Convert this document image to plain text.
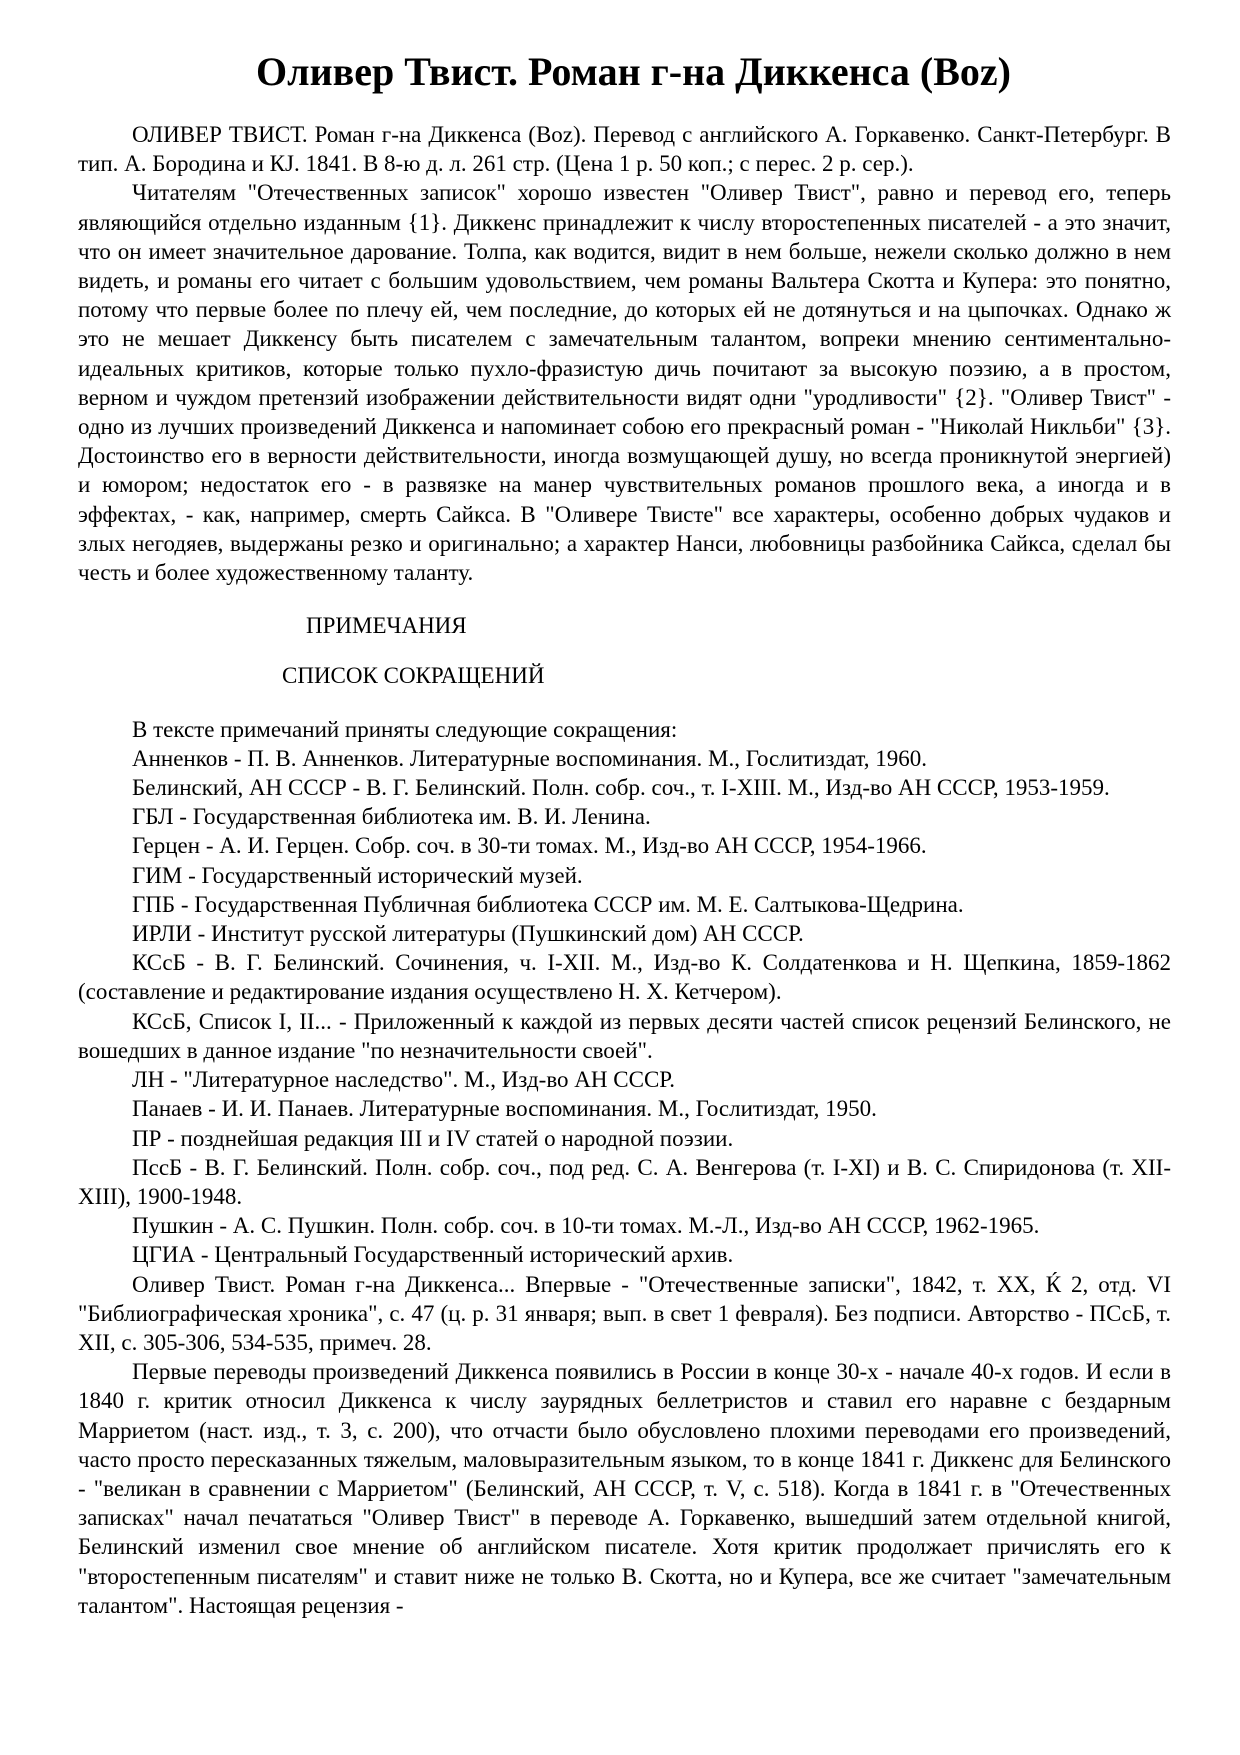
Оливер Твист. Роман г-на Диккенса (Boz)

ОЛИВЕР ТВИСТ. Роман г-на Диккенса (Boz). Перевод с английского А. Горкавенко. Санкт-Петербург. В тип. А. Бородина и КЈ. 1841. В 8-ю д. л. 261 стр. (Цена 1 р. 50 коп.; с перес. 2 р. сер.).

Читателям "Отечественных записок" хорошо известен "Оливер Твист", равно и перевод его, теперь являющийся отдельно изданным {1}. Диккенс принадлежит к числу второстепенных писателей - а это значит, что он имеет значительное дарование. Толпа, как водится, видит в нем больше, нежели сколько должно в нем видеть, и романы его читает с большим удовольствием, чем романы Вальтера Скотта и Купера: это понятно, потому что первые более по плечу ей, чем последние, до которых ей не дотянуться и на цыпочках. Однако ж это не мешает Диккенсу быть писателем с замечательным талантом, вопреки мнению сентиментально-идеальных критиков, которые только пухло-фразистую дичь почитают за высокую поэзию, а в простом, верном и чуждом претензий изображении действительности видят одни "уродливости" {2}. "Оливер Твист" - одно из лучших произведений Диккенса и напоминает собою его прекрасный роман - "Николай Никльби" {3}. Достоинство его в верности действительности, иногда возмущающей душу, но всегда проникнутой энергией) и юмором; недостаток его - в развязке на манер чувствительных романов прошлого века, а иногда и в эффектах, - как, например, смерть Сайкса. В "Оливере Твисте" все характеры, особенно добрых чудаков и злых негодяев, выдержаны резко и оригинально; а характер Нанси, любовницы разбойника Сайкса, сделал бы честь и более художественному таланту.

ПРИМЕЧАНИЯ

СПИСОК СОКРАЩЕНИЙ

В тексте примечаний приняты следующие сокращения:

Анненков - П. В. Анненков. Литературные воспоминания. М., Гослитиздат, 1960.

Белинский, АН СССР - В. Г. Белинский. Полн. собр. соч., т. I-XIII. М., Изд-во АН СССР, 1953-1959.

ГБЛ - Государственная библиотека им. В. И. Ленина.

Герцен - А. И. Герцен. Собр. соч. в 30-ти томах. М., Изд-во АН СССР, 1954-1966.

ГИМ - Государственный исторический музей.

ГПБ - Государственная Публичная библиотека СССР им. М. Е. Салтыкова-Щедрина.

ИРЛИ - Институт русской литературы (Пушкинский дом) АН СССР.

КСсБ - В. Г. Белинский. Сочинения, ч. I-XII. М., Изд-во К. Солдатенкова и Н. Щепкина, 1859-1862 (составление и редактирование издания осуществлено Н. Х. Кетчером).

КСсБ, Список I, II... - Приложенный к каждой из первых десяти частей список рецензий Белинского, не вошедших в данное издание "по незначительности своей".

ЛН - "Литературное наследство". М., Изд-во АН СССР.

Панаев - И. И. Панаев. Литературные воспоминания. М., Гослитиздат, 1950.

ПР - позднейшая редакция III и IV статей о народной поэзии.

ПссБ - В. Г. Белинский. Полн. собр. соч., под ред. С. А. Венгерова (т. I-XI) и В. С. Спиридонова (т. XII-XIII), 1900-1948.

Пушкин - А. С. Пушкин. Полн. собр. соч. в 10-ти томах. М.-Л., Изд-во АН СССР, 1962-1965.

ЦГИА - Центральный Государственный исторический архив.

Оливер Твист. Роман г-на Диккенса... Впервые - "Отечественные записки", 1842, т. XX, Ќ 2, отд. VI "Библиографическая хроника", с. 47 (ц. р. 31 января; вып. в свет 1 февраля). Без подписи. Авторство - ПСсБ, т. XII, с. 305-306, 534-535, примеч. 28.

Первые переводы произведений Диккенса появились в России в конце 30-х - начале 40-х годов. И если в 1840 г. критик относил Диккенса к числу заурядных беллетристов и ставил его наравне с бездарным Марриетом (наст. изд., т. 3, с. 200), что отчасти было обусловлено плохими переводами его произведений, часто просто пересказанных тяжелым, маловыразительным языком, то в конце 1841 г. Диккенс для Белинского - "великан в сравнении с Марриетом" (Белинский, АН СССР, т. V, с. 518). Когда в 1841 г. в "Отечественных записках" начал печататься "Оливер Твист" в переводе А. Горкавенко, вышедший затем отдельной книгой, Белинский изменил свое мнение об английском писателе. Хотя критик продолжает причислять его к "второстепенным писателям" и ставит ниже не только В. Скотта, но и Купера, все же считает "замечательным талантом". Настоящая рецензия -
